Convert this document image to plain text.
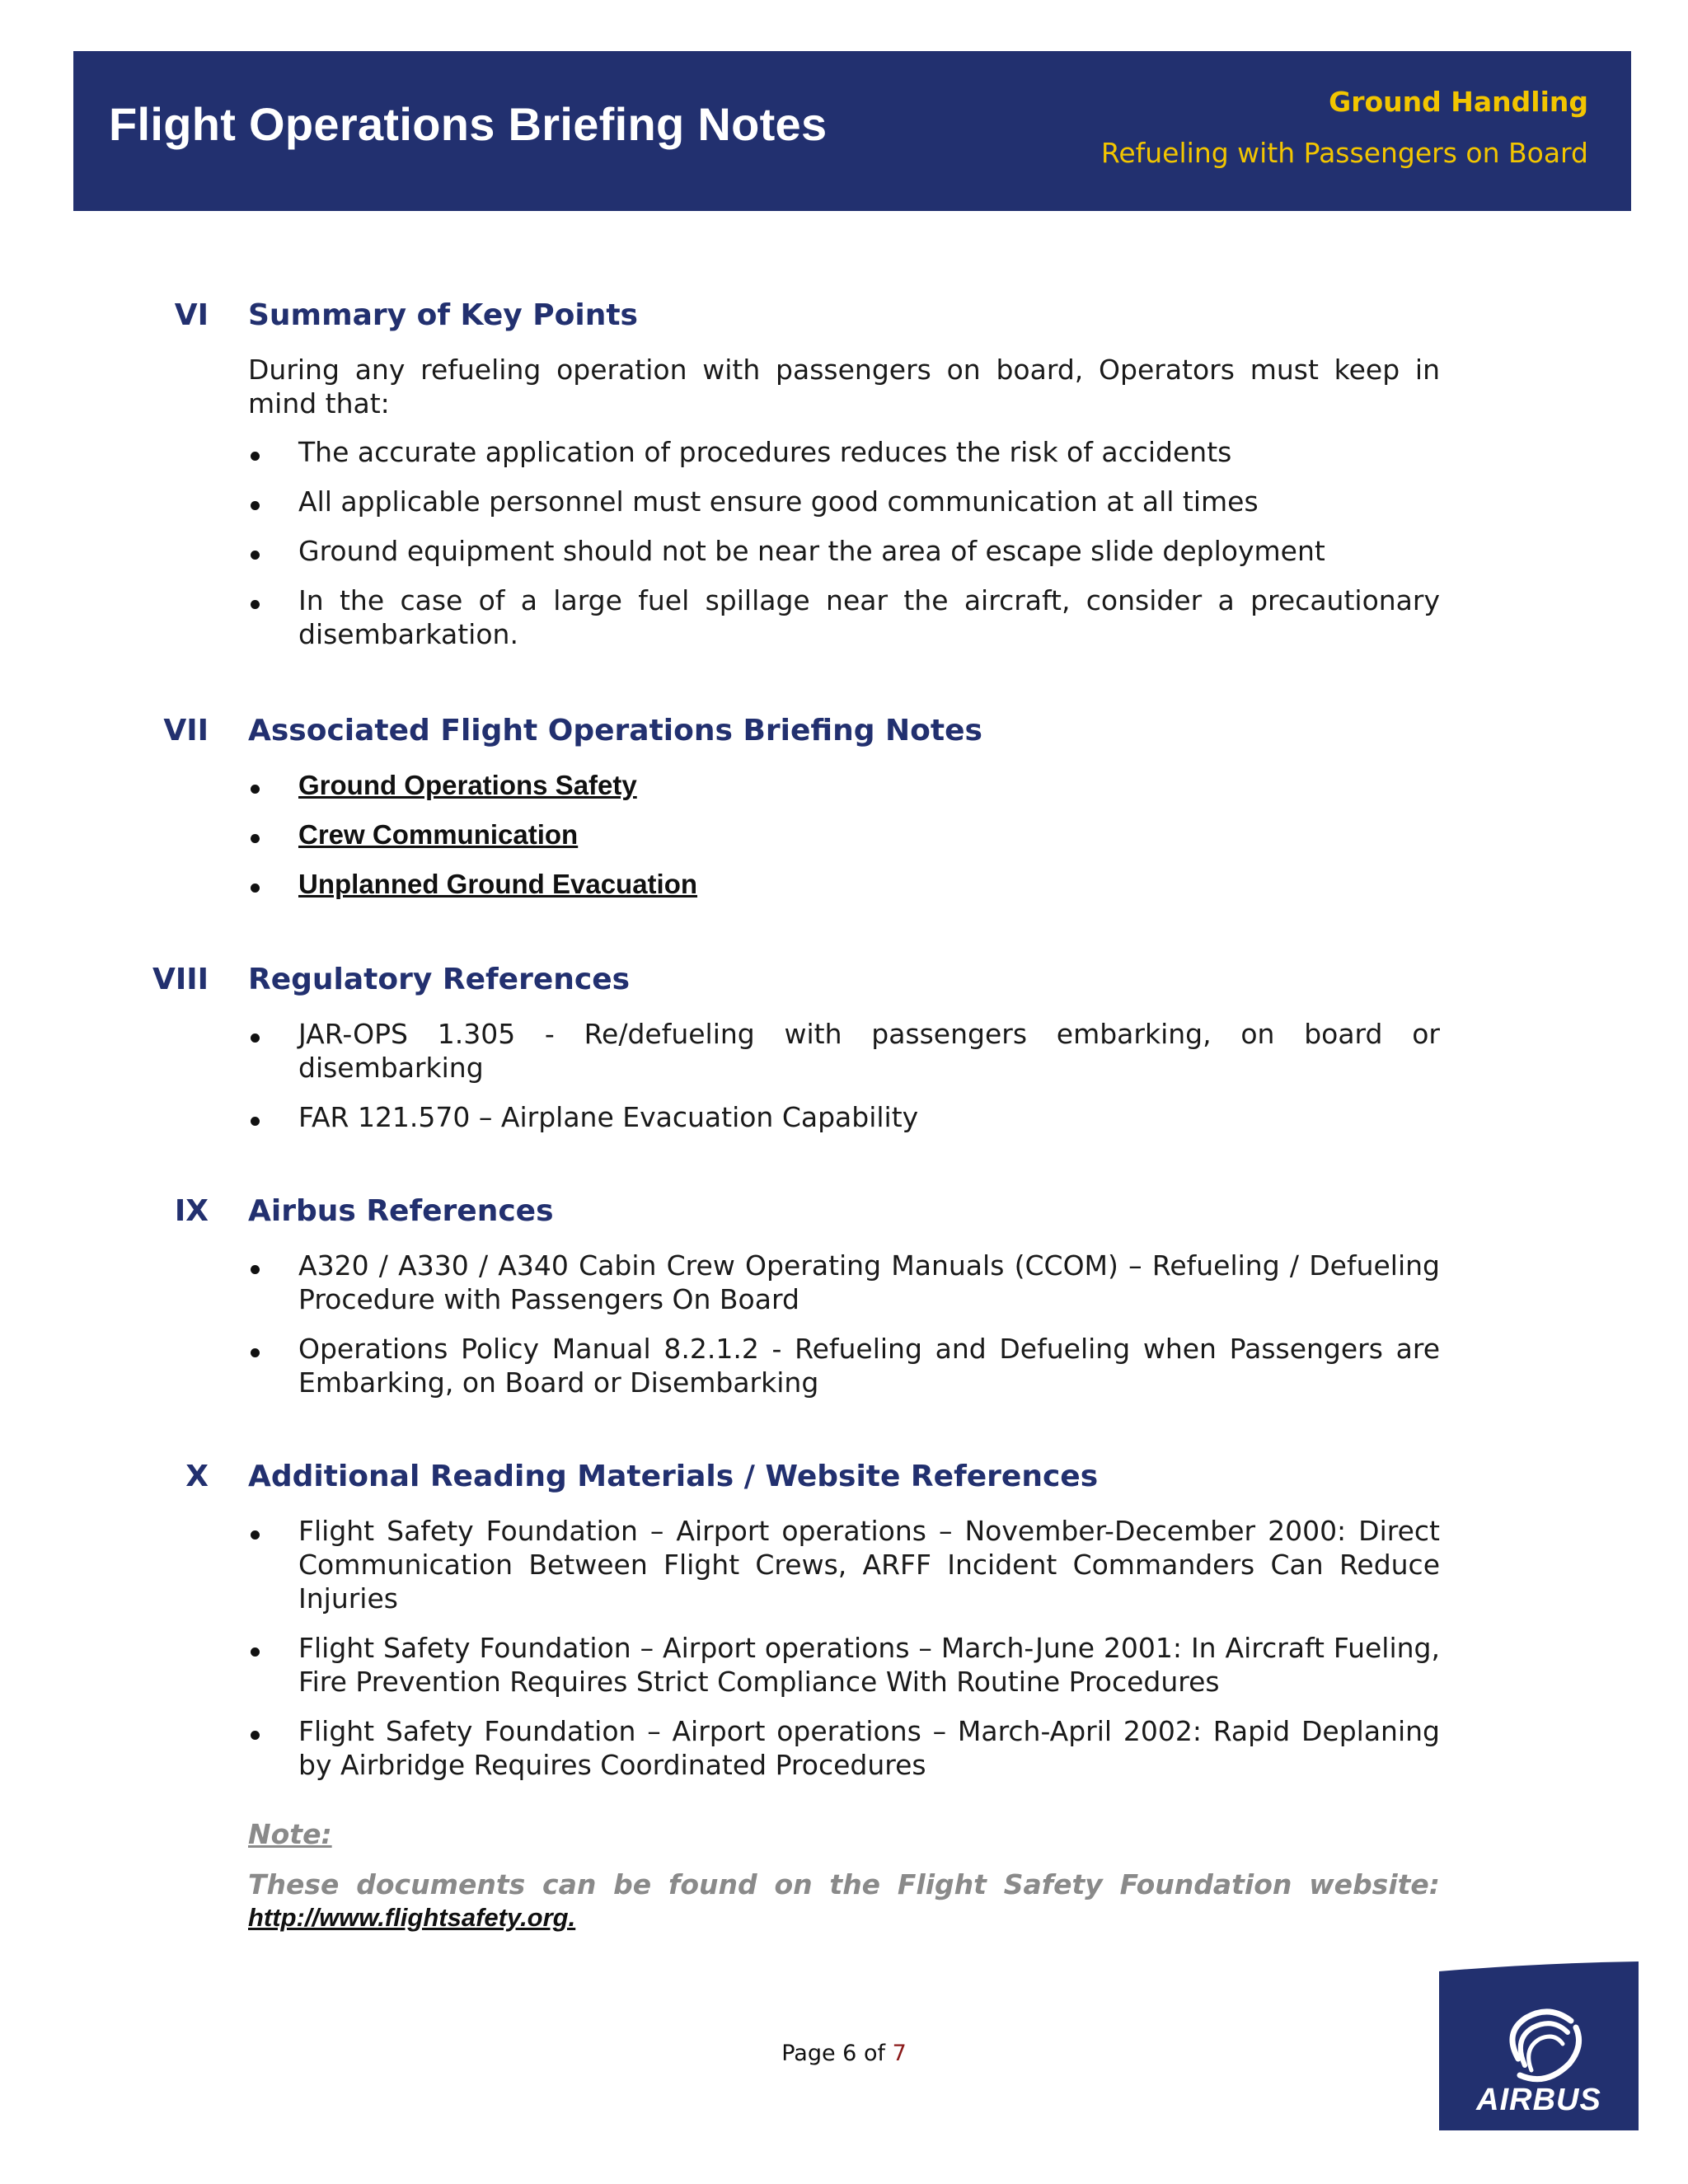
Flight Operations Briefing Notes	Ground Handling
Refueling with Passengers on Board
VI Summary of Key Points

During any refueling operation with passengers on board, Operators must keep in mind that:

The accurate application of procedures reduces the risk of accidents
All applicable personnel must ensure good communication at all times
Ground equipment should not be near the area of escape slide deployment
In the case of a large fuel spillage near the aircraft, consider a precautionary disembarkation.
VII Associated Flight Operations Briefing Notes
Ground Operations Safety
Crew Communication
Unplanned Ground Evacuation
VIII Regulatory References
JAR-OPS 1.305 - Re/defueling with passengers embarking, on board or disembarking
FAR 121.570 – Airplane Evacuation Capability
IX Airbus References
A320 / A330 / A340 Cabin Crew Operating Manuals (CCOM) – Refueling / Defueling Procedure with Passengers On Board
Operations Policy Manual 8.2.1.2 - Refueling and Defueling when Passengers are Embarking, on Board or Disembarking
X Additional Reading Materials / Website References
Flight Safety Foundation – Airport operations – November-December 2000: Direct Communication Between Flight Crews, ARFF Incident Commanders Can Reduce Injuries
Flight Safety Foundation – Airport operations – March-June 2001: In Aircraft Fueling, Fire Prevention Requires Strict Compliance With Routine Procedures
Flight Safety Foundation – Airport operations – March-April 2002: Rapid Deplaning by Airbridge Requires Coordinated Procedures

Note:

These documents can be found on the Flight Safety Foundation website:

http://www.flightsafety.org.
Page 6 of 7
AIRBUS
